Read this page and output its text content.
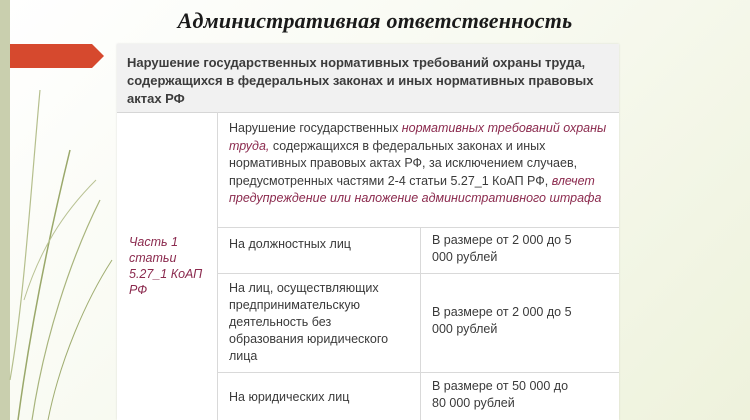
Административная ответственность
Нарушение государственных нормативных требований охраны труда, содержащихся в федеральных законах и иных нормативных правовых актах РФ
Часть 1 статьи 5.27_1 КоАП РФ
Нарушение государственных нормативных требований охраны труда, содержащихся в федеральных законах и иных нормативных правовых актах РФ, за исключением случаев, предусмотренных частями 2-4 статьи 5.27_1 КоАП РФ, влечет предупреждение или наложение административного штрафа
На должностных лиц	В размере от 2 000 до 5 000 рублей
На лиц, осуществляющих предпринимательскую деятельность без образования юридического лица
В размере от 2 000 до 5 000 рублей
На юридических лиц
В размере от 50 000 до 80 000 рублей
